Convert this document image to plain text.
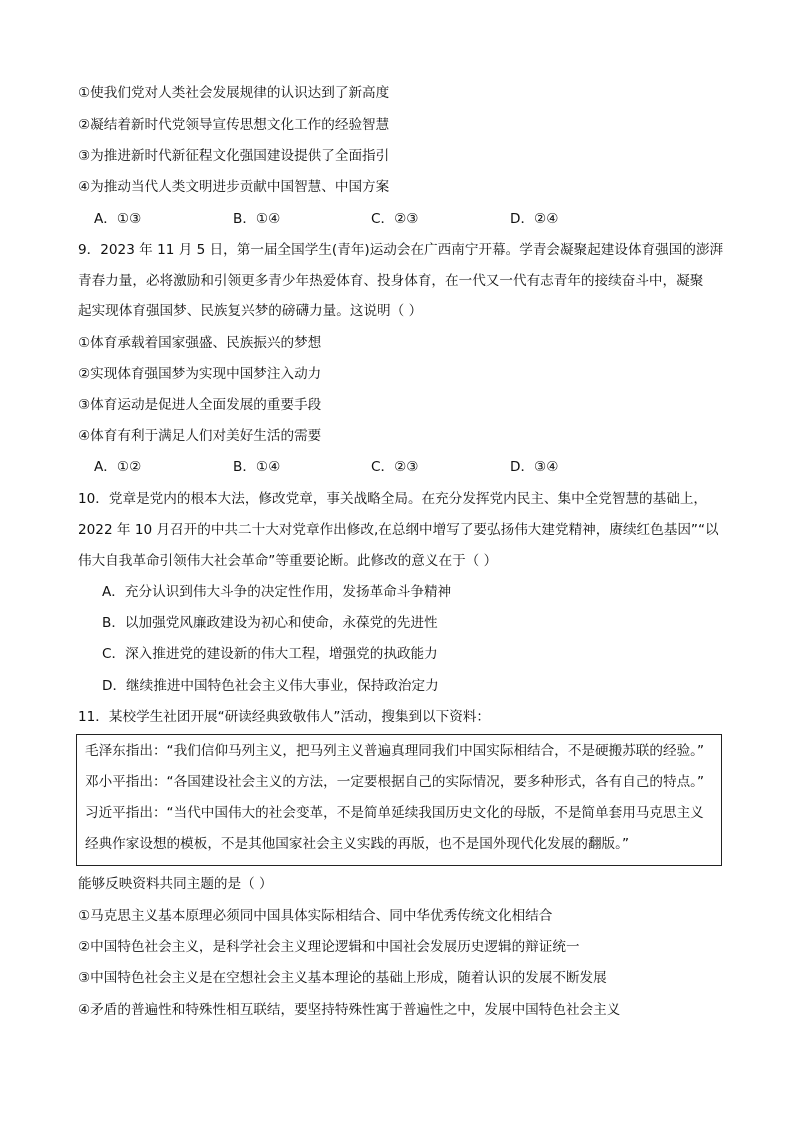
①使我们党对人类社会发展规律的认识达到了新高度
②凝结着新时代党领导宣传思想文化工作的经验智慧
③为推进新时代新征程文化强国建设提供了全面指引
④为推动当代人类文明进步贡献中国智慧、中国方案
A．①③	B．①④	C．②③	D．②④
9．2023 年 11 月 5 日，第一届全国学生(青年)运动会在广西南宁开幕。学青会凝聚起建设体育强国的澎湃
青春力量，必将激励和引领更多青少年热爱体育、投身体育，在一代又一代有志青年的接续奋斗中，凝聚
起实现体育强国梦、民族复兴梦的磅礴力量。这说明（ ）
①体育承载着国家强盛、民族振兴的梦想
②实现体育强国梦为实现中国梦注入动力
③体育运动是促进人全面发展的重要手段
④体育有利于满足人们对美好生活的需要
A．①②	B．①④	C．②③	D．③④
10．党章是党内的根本大法，修改党章，事关战略全局。在充分发挥党内民主、集中全党智慧的基础上，
2022 年 10 月召开的中共二十大对党章作出修改,在总纲中增写了要弘扬伟大建党精神，赓续红色基因”“以
伟大自我革命引领伟大社会革命”等重要论断。此修改的意义在于（ ）
A．充分认识到伟大斗争的决定性作用，发扬革命斗争精神
B．以加强党风廉政建设为初心和使命，永葆党的先进性
C．深入推进党的建设新的伟大工程，增强党的执政能力
D．继续推进中国特色社会主义伟大事业，保持政治定力
11．某校学生社团开展“研读经典致敬伟人”活动，搜集到以下资料：
毛泽东指出：“我们信仰马列主义，把马列主义普遍真理同我们中国实际相结合，不是硬搬苏联的经验。”
邓小平指出：“各国建设社会主义的方法，一定要根据自己的实际情况，要多种形式，各有自己的特点。”
习近平指出：“当代中国伟大的社会变革，不是简单延续我国历史文化的母版，不是简单套用马克思主义
经典作家设想的模板，不是其他国家社会主义实践的再版，也不是国外现代化发展的翻版。”
能够反映资料共同主题的是（ ）
①马克思主义基本原理必须同中国具体实际相结合、同中华优秀传统文化相结合
②中国特色社会主义，是科学社会主义理论逻辑和中国社会发展历史逻辑的辩证统一
③中国特色社会主义是在空想社会主义基本理论的基础上形成，随着认识的发展不断发展
④矛盾的普遍性和特殊性相互联结，要坚持特殊性寓于普遍性之中，发展中国特色社会主义
